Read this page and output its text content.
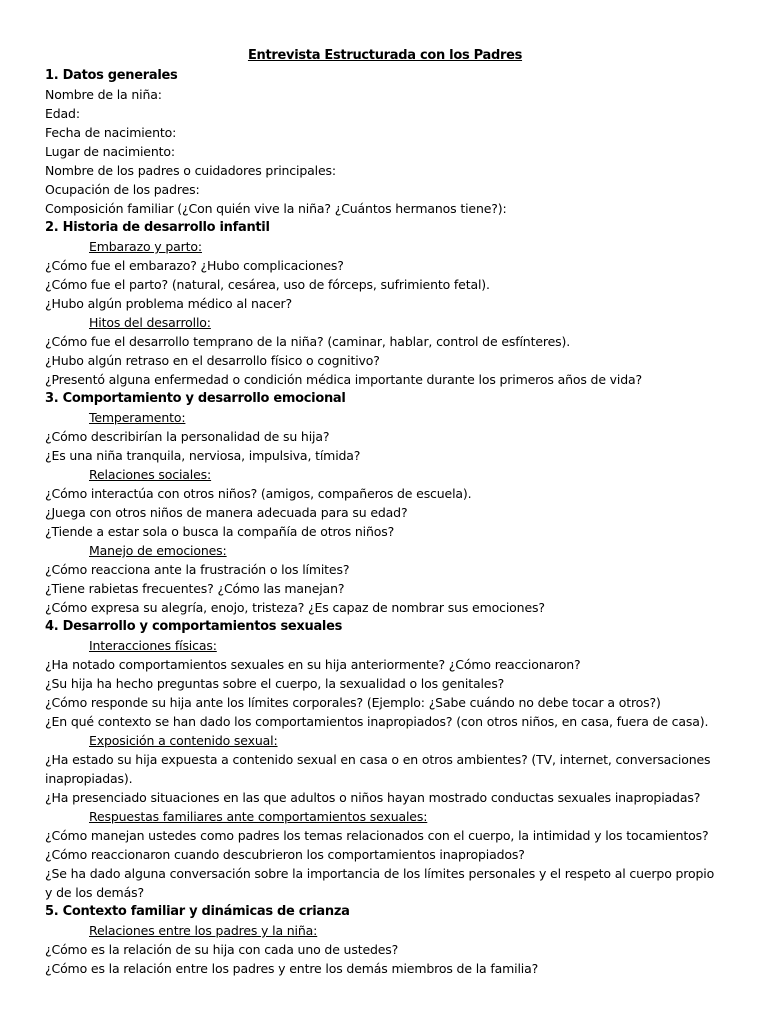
Entrevista Estructurada con los Padres
1. Datos generales
Nombre de la niña:
Edad:
Fecha de nacimiento:
Lugar de nacimiento:
Nombre de los padres o cuidadores principales:
Ocupación de los padres:
Composición familiar (¿Con quién vive la niña? ¿Cuántos hermanos tiene?):
2. Historia de desarrollo infantil
Embarazo y parto:
¿Cómo fue el embarazo? ¿Hubo complicaciones?
¿Cómo fue el parto? (natural, cesárea, uso de fórceps, sufrimiento fetal).
¿Hubo algún problema médico al nacer?
Hitos del desarrollo:
¿Cómo fue el desarrollo temprano de la niña? (caminar, hablar, control de esfínteres).
¿Hubo algún retraso en el desarrollo físico o cognitivo?
¿Presentó alguna enfermedad o condición médica importante durante los primeros años de vida?
3. Comportamiento y desarrollo emocional
Temperamento:
¿Cómo describirían la personalidad de su hija?
¿Es una niña tranquila, nerviosa, impulsiva, tímida?
Relaciones sociales:
¿Cómo interactúa con otros niños? (amigos, compañeros de escuela).
¿Juega con otros niños de manera adecuada para su edad?
¿Tiende a estar sola o busca la compañía de otros niños?
Manejo de emociones:
¿Cómo reacciona ante la frustración o los límites?
¿Tiene rabietas frecuentes? ¿Cómo las manejan?
¿Cómo expresa su alegría, enojo, tristeza? ¿Es capaz de nombrar sus emociones?
4. Desarrollo y comportamientos sexuales
Interacciones físicas:
¿Ha notado comportamientos sexuales en su hija anteriormente? ¿Cómo reaccionaron?
¿Su hija ha hecho preguntas sobre el cuerpo, la sexualidad o los genitales?
¿Cómo responde su hija ante los límites corporales? (Ejemplo: ¿Sabe cuándo no debe tocar a otros?)
¿En qué contexto se han dado los comportamientos inapropiados? (con otros niños, en casa, fuera de casa).
Exposición a contenido sexual:
¿Ha estado su hija expuesta a contenido sexual en casa o en otros ambientes? (TV, internet, conversaciones inapropiadas).
¿Ha presenciado situaciones en las que adultos o niños hayan mostrado conductas sexuales inapropiadas?
Respuestas familiares ante comportamientos sexuales:
¿Cómo manejan ustedes como padres los temas relacionados con el cuerpo, la intimidad y los tocamientos?
¿Cómo reaccionaron cuando descubrieron los comportamientos inapropiados?
¿Se ha dado alguna conversación sobre la importancia de los límites personales y el respeto al cuerpo propio y de los demás?
5. Contexto familiar y dinámicas de crianza
Relaciones entre los padres y la niña:
¿Cómo es la relación de su hija con cada uno de ustedes?
¿Cómo es la relación entre los padres y entre los demás miembros de la familia?
